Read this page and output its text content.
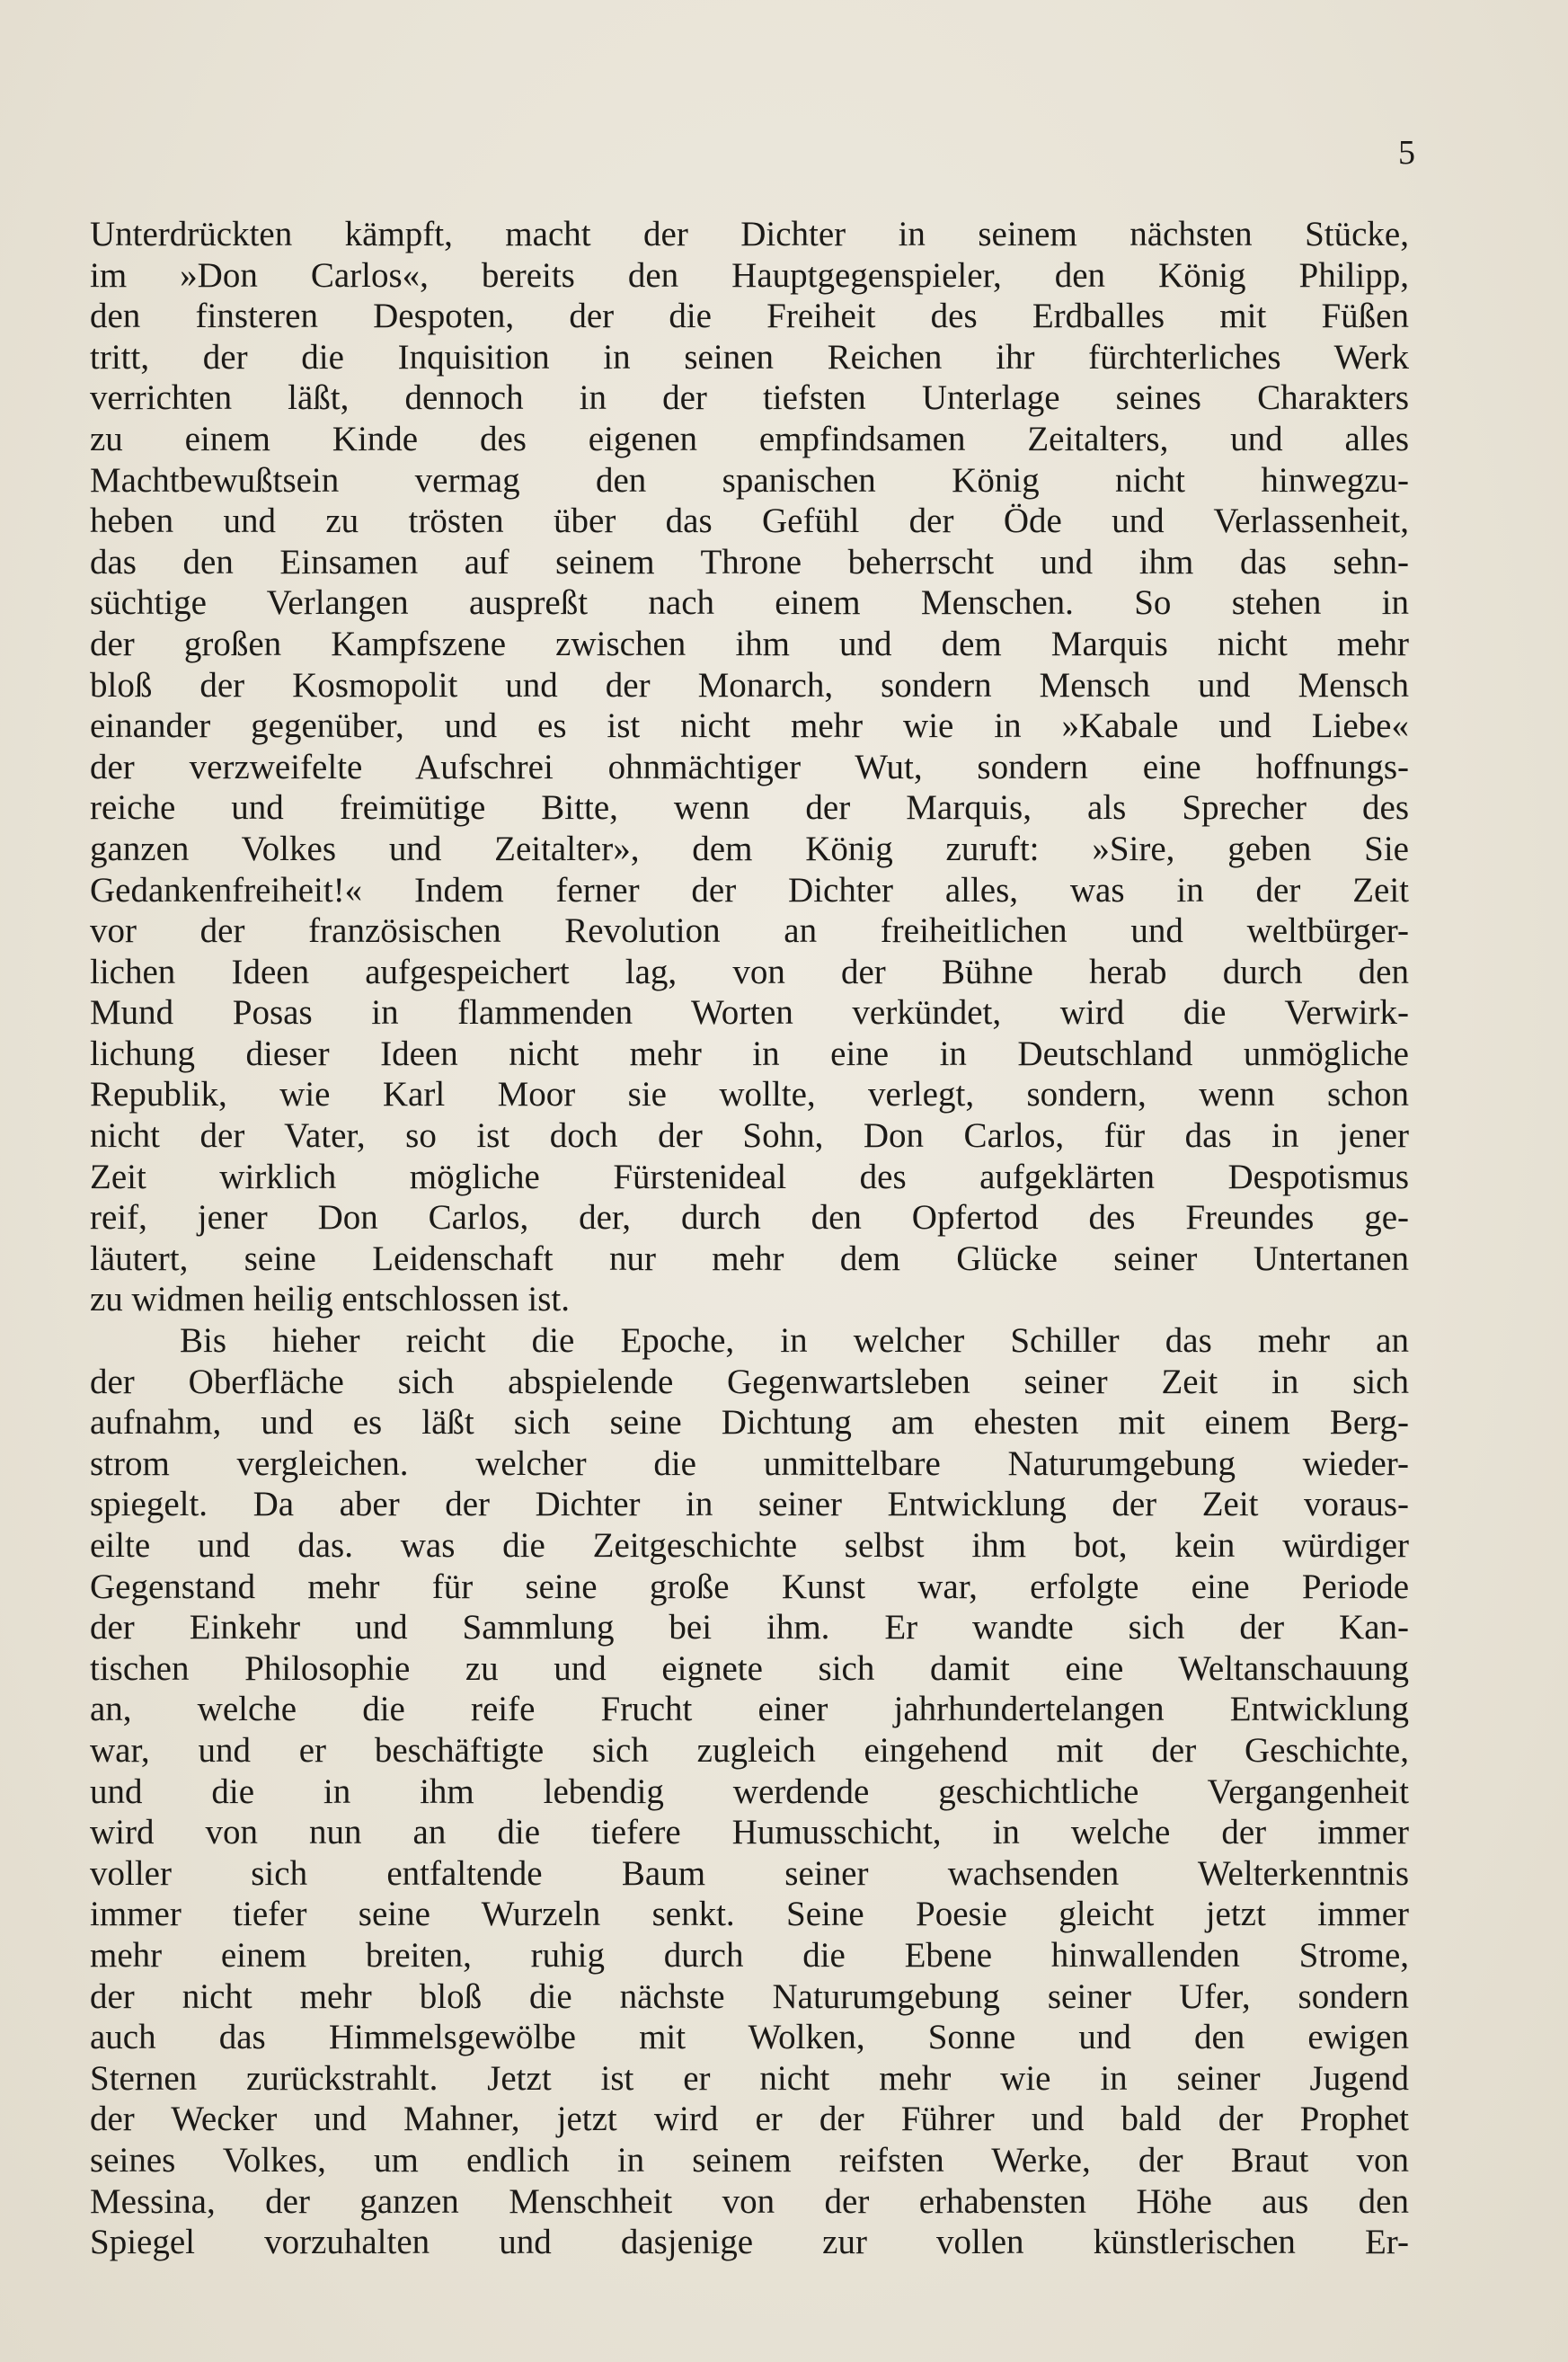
5
Unterdrückten kämpft, macht der Dichter in seinem nächsten Stücke,
im »Don Carlos«, bereits den Hauptgegenspieler, den König Philipp,
den finsteren Despoten, der die Freiheit des Erdballes mit Füßen
tritt, der die Inquisition in seinen Reichen ihr fürchterliches Werk
verrichten läßt, dennoch in der tiefsten Unterlage seines Charakters
zu einem Kinde des eigenen empfindsamen Zeitalters, und alles
Machtbewußtsein vermag den spanischen König nicht hinwegzu-
heben und zu trösten über das Gefühl der Öde und Verlassenheit,
das den Einsamen auf seinem Throne beherrscht und ihm das sehn-
süchtige Verlangen auspreßt nach einem Menschen. So stehen in
der großen Kampfszene zwischen ihm und dem Marquis nicht mehr
bloß der Kosmopolit und der Monarch, sondern Mensch und Mensch
einander gegenüber, und es ist nicht mehr wie in »Kabale und Liebe«
der verzweifelte Aufschrei ohnmächtiger Wut, sondern eine hoffnungs-
reiche und freimütige Bitte, wenn der Marquis, als Sprecher des
ganzen Volkes und Zeitalter», dem König zuruft: »Sire, geben Sie
Gedankenfreiheit!« Indem ferner der Dichter alles, was in der Zeit
vor der französischen Revolution an freiheitlichen und weltbürger-
lichen Ideen aufgespeichert lag, von der Bühne herab durch den
Mund Posas in flammenden Worten verkündet, wird die Verwirk-
lichung dieser Ideen nicht mehr in eine in Deutschland unmögliche
Republik, wie Karl Moor sie wollte, verlegt, sondern, wenn schon
nicht der Vater, so ist doch der Sohn, Don Carlos, für das in jener
Zeit wirklich mögliche Fürstenideal des aufgeklärten Despotismus
reif, jener Don Carlos, der, durch den Opfertod des Freundes ge-
läutert, seine Leidenschaft nur mehr dem Glücke seiner Untertanen
zu widmen heilig entschlossen ist.
Bis hieher reicht die Epoche, in welcher Schiller das mehr an
der Oberfläche sich abspielende Gegenwartsleben seiner Zeit in sich
aufnahm, und es läßt sich seine Dichtung am ehesten mit einem Berg-
strom vergleichen. welcher die unmittelbare Naturumgebung wieder-
spiegelt. Da aber der Dichter in seiner Entwicklung der Zeit voraus-
eilte und das. was die Zeitgeschichte selbst ihm bot, kein würdiger
Gegenstand mehr für seine große Kunst war, erfolgte eine Periode
der Einkehr und Sammlung bei ihm. Er wandte sich der Kan-
tischen Philosophie zu und eignete sich damit eine Weltanschauung
an, welche die reife Frucht einer jahrhundertelangen Entwicklung
war, und er beschäftigte sich zugleich eingehend mit der Geschichte,
und die in ihm lebendig werdende geschichtliche Vergangenheit
wird von nun an die tiefere Humusschicht, in welche der immer
voller sich entfaltende Baum seiner wachsenden Welterkenntnis
immer tiefer seine Wurzeln senkt. Seine Poesie gleicht jetzt immer
mehr einem breiten, ruhig durch die Ebene hinwallenden Strome,
der nicht mehr bloß die nächste Naturumgebung seiner Ufer, sondern
auch das Himmelsgewölbe mit Wolken, Sonne und den ewigen
Sternen zurückstrahlt. Jetzt ist er nicht mehr wie in seiner Jugend
der Wecker und Mahner, jetzt wird er der Führer und bald der Prophet
seines Volkes, um endlich in seinem reifsten Werke, der Braut von
Messina, der ganzen Menschheit von der erhabensten Höhe aus den
Spiegel vorzuhalten und dasjenige zur vollen künstlerischen Er-
